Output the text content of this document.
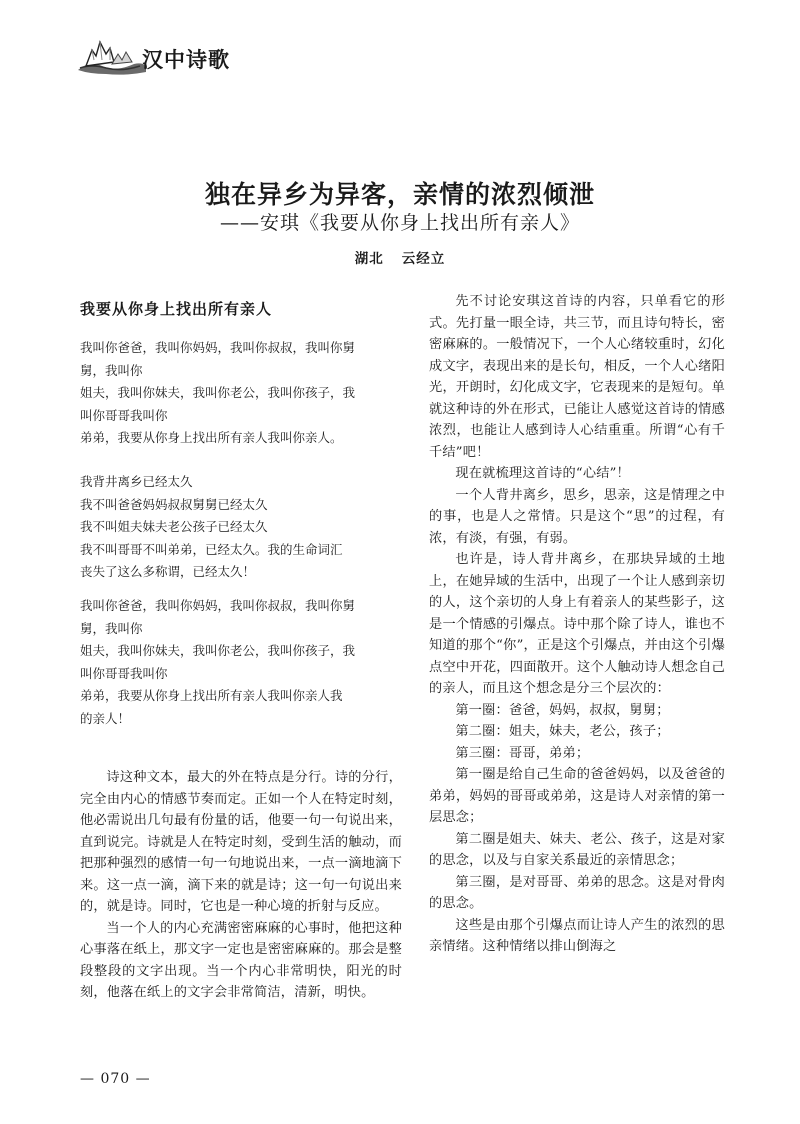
汉中诗歌
独在异乡为异客，亲情的浓烈倾泄
——安琪《我要从你身上找出所有亲人》
湖北 云经立
我要从你身上找出所有亲人
我叫你爸爸，我叫你妈妈，我叫你叔叔，我叫你舅
舅，我叫你
姐夫，我叫你妹夫，我叫你老公，我叫你孩子，我
叫你哥哥我叫你
弟弟，我要从你身上找出所有亲人我叫你亲人。
我背井离乡已经太久
我不叫爸爸妈妈叔叔舅舅已经太久
我不叫姐夫妹夫老公孩子已经太久
我不叫哥哥不叫弟弟，已经太久。我的生命词汇
丧失了这么多称谓，已经太久！
我叫你爸爸，我叫你妈妈，我叫你叔叔，我叫你舅
舅，我叫你
姐夫，我叫你妹夫，我叫你老公，我叫你孩子，我
叫你哥哥我叫你
弟弟，我要从你身上找出所有亲人我叫你亲人我
的亲人！

诗这种文本，最大的外在特点是分行。诗的分行，完全由内心的情感节奏而定。正如一个人在特定时刻，他必需说出几句最有份量的话，他要一句一句说出来，直到说完。诗就是人在特定时刻，受到生活的触动，而把那种强烈的感情一句一句地说出来，一点一滴地滴下来。这一点一滴，滴下来的就是诗；这一句一句说出来的，就是诗。同时，它也是一种心境的折射与反应。

当一个人的内心充满密密麻麻的心事时，他把这种心事落在纸上，那文字一定也是密密麻麻的。那会是整段整段的文字出现。当一个内心非常明快，阳光的时刻，他落在纸上的文字会非常简洁，清新，明快。

先不讨论安琪这首诗的内容，只单看它的形式。先打量一眼全诗，共三节，而且诗句特长，密密麻麻的。一般情况下，一个人心绪较重时，幻化成文字，表现出来的是长句，相反，一个人心绪阳光，开朗时，幻化成文字，它表现来的是短句。单就这种诗的外在形式，已能让人感觉这首诗的情感浓烈，也能让人感到诗人心结重重。所谓“心有千千结”吧！

现在就梳理这首诗的“心结”！

一个人背井离乡，思乡，思亲，这是情理之中的事，也是人之常情。只是这个“思”的过程，有浓，有淡，有强，有弱。

也许是，诗人背井离乡，在那块异域的土地上，在她异域的生活中，出现了一个让人感到亲切的人，这个亲切的人身上有着亲人的某些影子，这是一个情感的引爆点。诗中那个除了诗人，谁也不知道的那个“你”，正是这个引爆点，并由这个引爆点空中开花，四面散开。这个人触动诗人想念自己的亲人，而且这个想念是分三个层次的：

第一圈：爸爸，妈妈，叔叔，舅舅；

第二圈：姐夫，妹夫，老公，孩子；

第三圈：哥哥，弟弟；

第一圈是给自己生命的爸爸妈妈，以及爸爸的弟弟，妈妈的哥哥或弟弟，这是诗人对亲情的第一层思念；

第二圈是姐夫、妹夫、老公、孩子，这是对家的思念，以及与自家关系最近的亲情思念；

第三圈，是对哥哥、弟弟的思念。这是对骨肉的思念。

这些是由那个引爆点而让诗人产生的浓烈的思亲情绪。这种情绪以排山倒海之

— 070 —
